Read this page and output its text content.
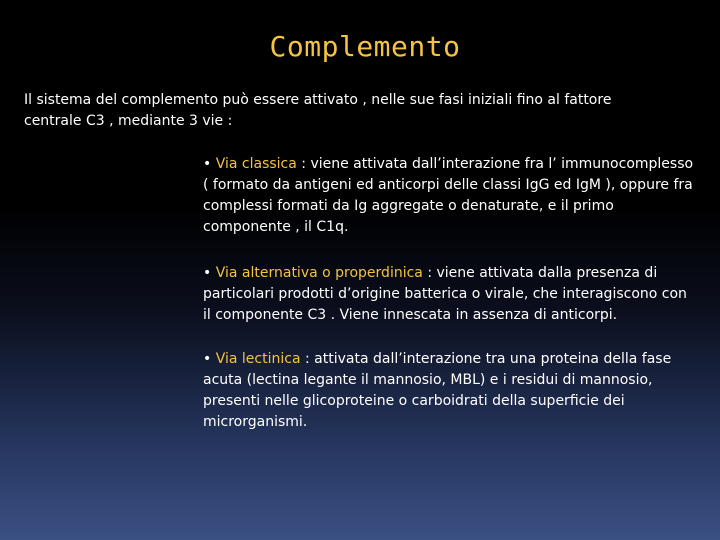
Complemento
Il sistema del complemento può essere attivato , nelle sue fasi iniziali fino al fattore centrale C3 , mediante 3 vie :
• Via classica : viene attivata dall’interazione fra l’ immunocomplesso ( formato da antigeni ed anticorpi delle classi IgG ed IgM ), oppure fra complessi formati da Ig aggregate o denaturate, e il primo componente , il C1q.
• Via alternativa o properdinica : viene attivata dalla presenza di particolari prodotti d’origine batterica o virale, che interagiscono con il componente C3 . Viene innescata in assenza di anticorpi.
• Via lectinica : attivata dall’interazione tra una proteina della fase acuta (lectina legante il mannosio, MBL) e i residui di mannosio, presenti nelle glicoproteine o carboidrati della superficie dei microrganismi.
